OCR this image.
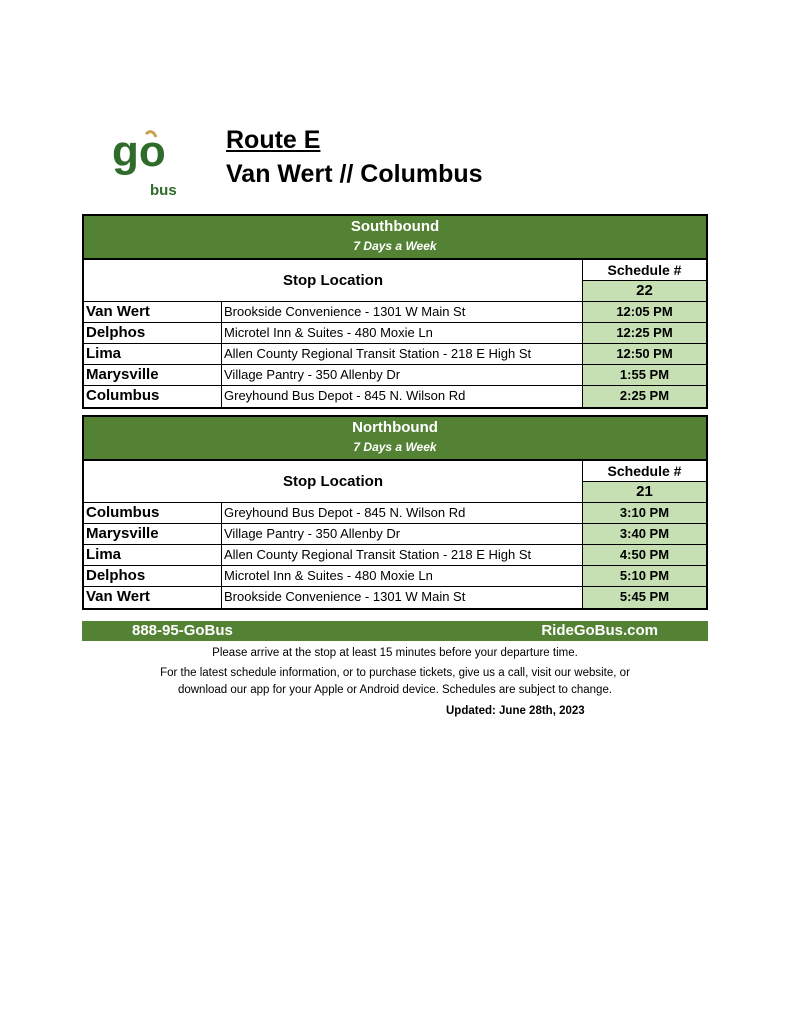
go
bus
Route E
Van Wert // Columbus
Southbound
7 Days a Week
Stop Location
Schedule #
22
Van Wert	Brookside Convenience - 1301 W Main St	12:05 PM
Delphos	Microtel Inn & Suites - 480 Moxie Ln	12:25 PM
Lima	Allen County Regional Transit Station - 218 E High St	12:50 PM
Marysville	Village Pantry - 350 Allenby Dr	1:55 PM
Columbus	Greyhound Bus Depot - 845 N. Wilson Rd	2:25 PM
Northbound
7 Days a Week
Stop Location
Schedule #
21
Columbus	Greyhound Bus Depot - 845 N. Wilson Rd	3:10 PM
Marysville	Village Pantry - 350 Allenby Dr	3:40 PM
Lima	Allen County Regional Transit Station - 218 E High St	4:50 PM
Delphos	Microtel Inn & Suites - 480 Moxie Ln	5:10 PM
Van Wert	Brookside Convenience - 1301 W Main St	5:45 PM
888-95-GoBus	RideGoBus.com
Please arrive at the stop at least 15 minutes before your departure time.
For the latest schedule information, or to purchase tickets, give us a call, visit our website, or
download our app for your Apple or Android device. Schedules are subject to change.
Updated: June 28th, 2023
